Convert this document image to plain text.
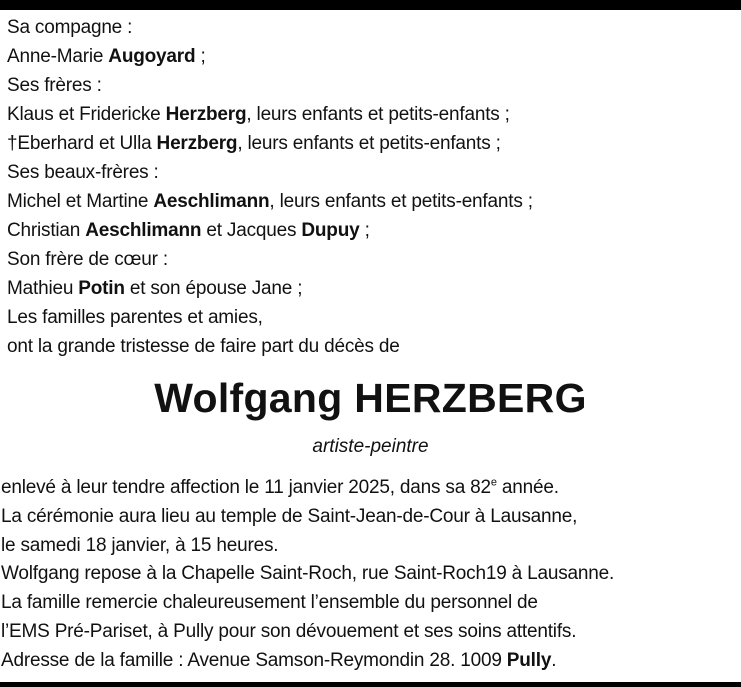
Sa compagne :
Anne-Marie Augoyard ;
Ses frères :
Klaus et Fridericke Herzberg, leurs enfants et petits-enfants ;
†Eberhard et Ulla Herzberg, leurs enfants et petits-enfants ;
Ses beaux-frères :
Michel et Martine Aeschlimann, leurs enfants et petits-enfants ;
Christian Aeschlimann et Jacques Dupuy ;
Son frère de cœur :
Mathieu Potin et son épouse Jane ;
Les familles parentes et amies,
ont la grande tristesse de faire part du décès de
Wolfgang HERZBERG
artiste-peintre
enlevé à leur tendre affection le 11 janvier 2025, dans sa 82e année.
La cérémonie aura lieu au temple de Saint-Jean-de-Cour à Lausanne,
le samedi 18 janvier, à 15 heures.
Wolfgang repose à la Chapelle Saint-Roch, rue Saint-Roch19 à Lausanne.
La famille remercie chaleureusement l’ensemble du personnel de
l’EMS Pré-Pariset, à Pully pour son dévouement et ses soins attentifs.
Adresse de la famille : Avenue Samson-Reymondin 28. 1009 Pully.
